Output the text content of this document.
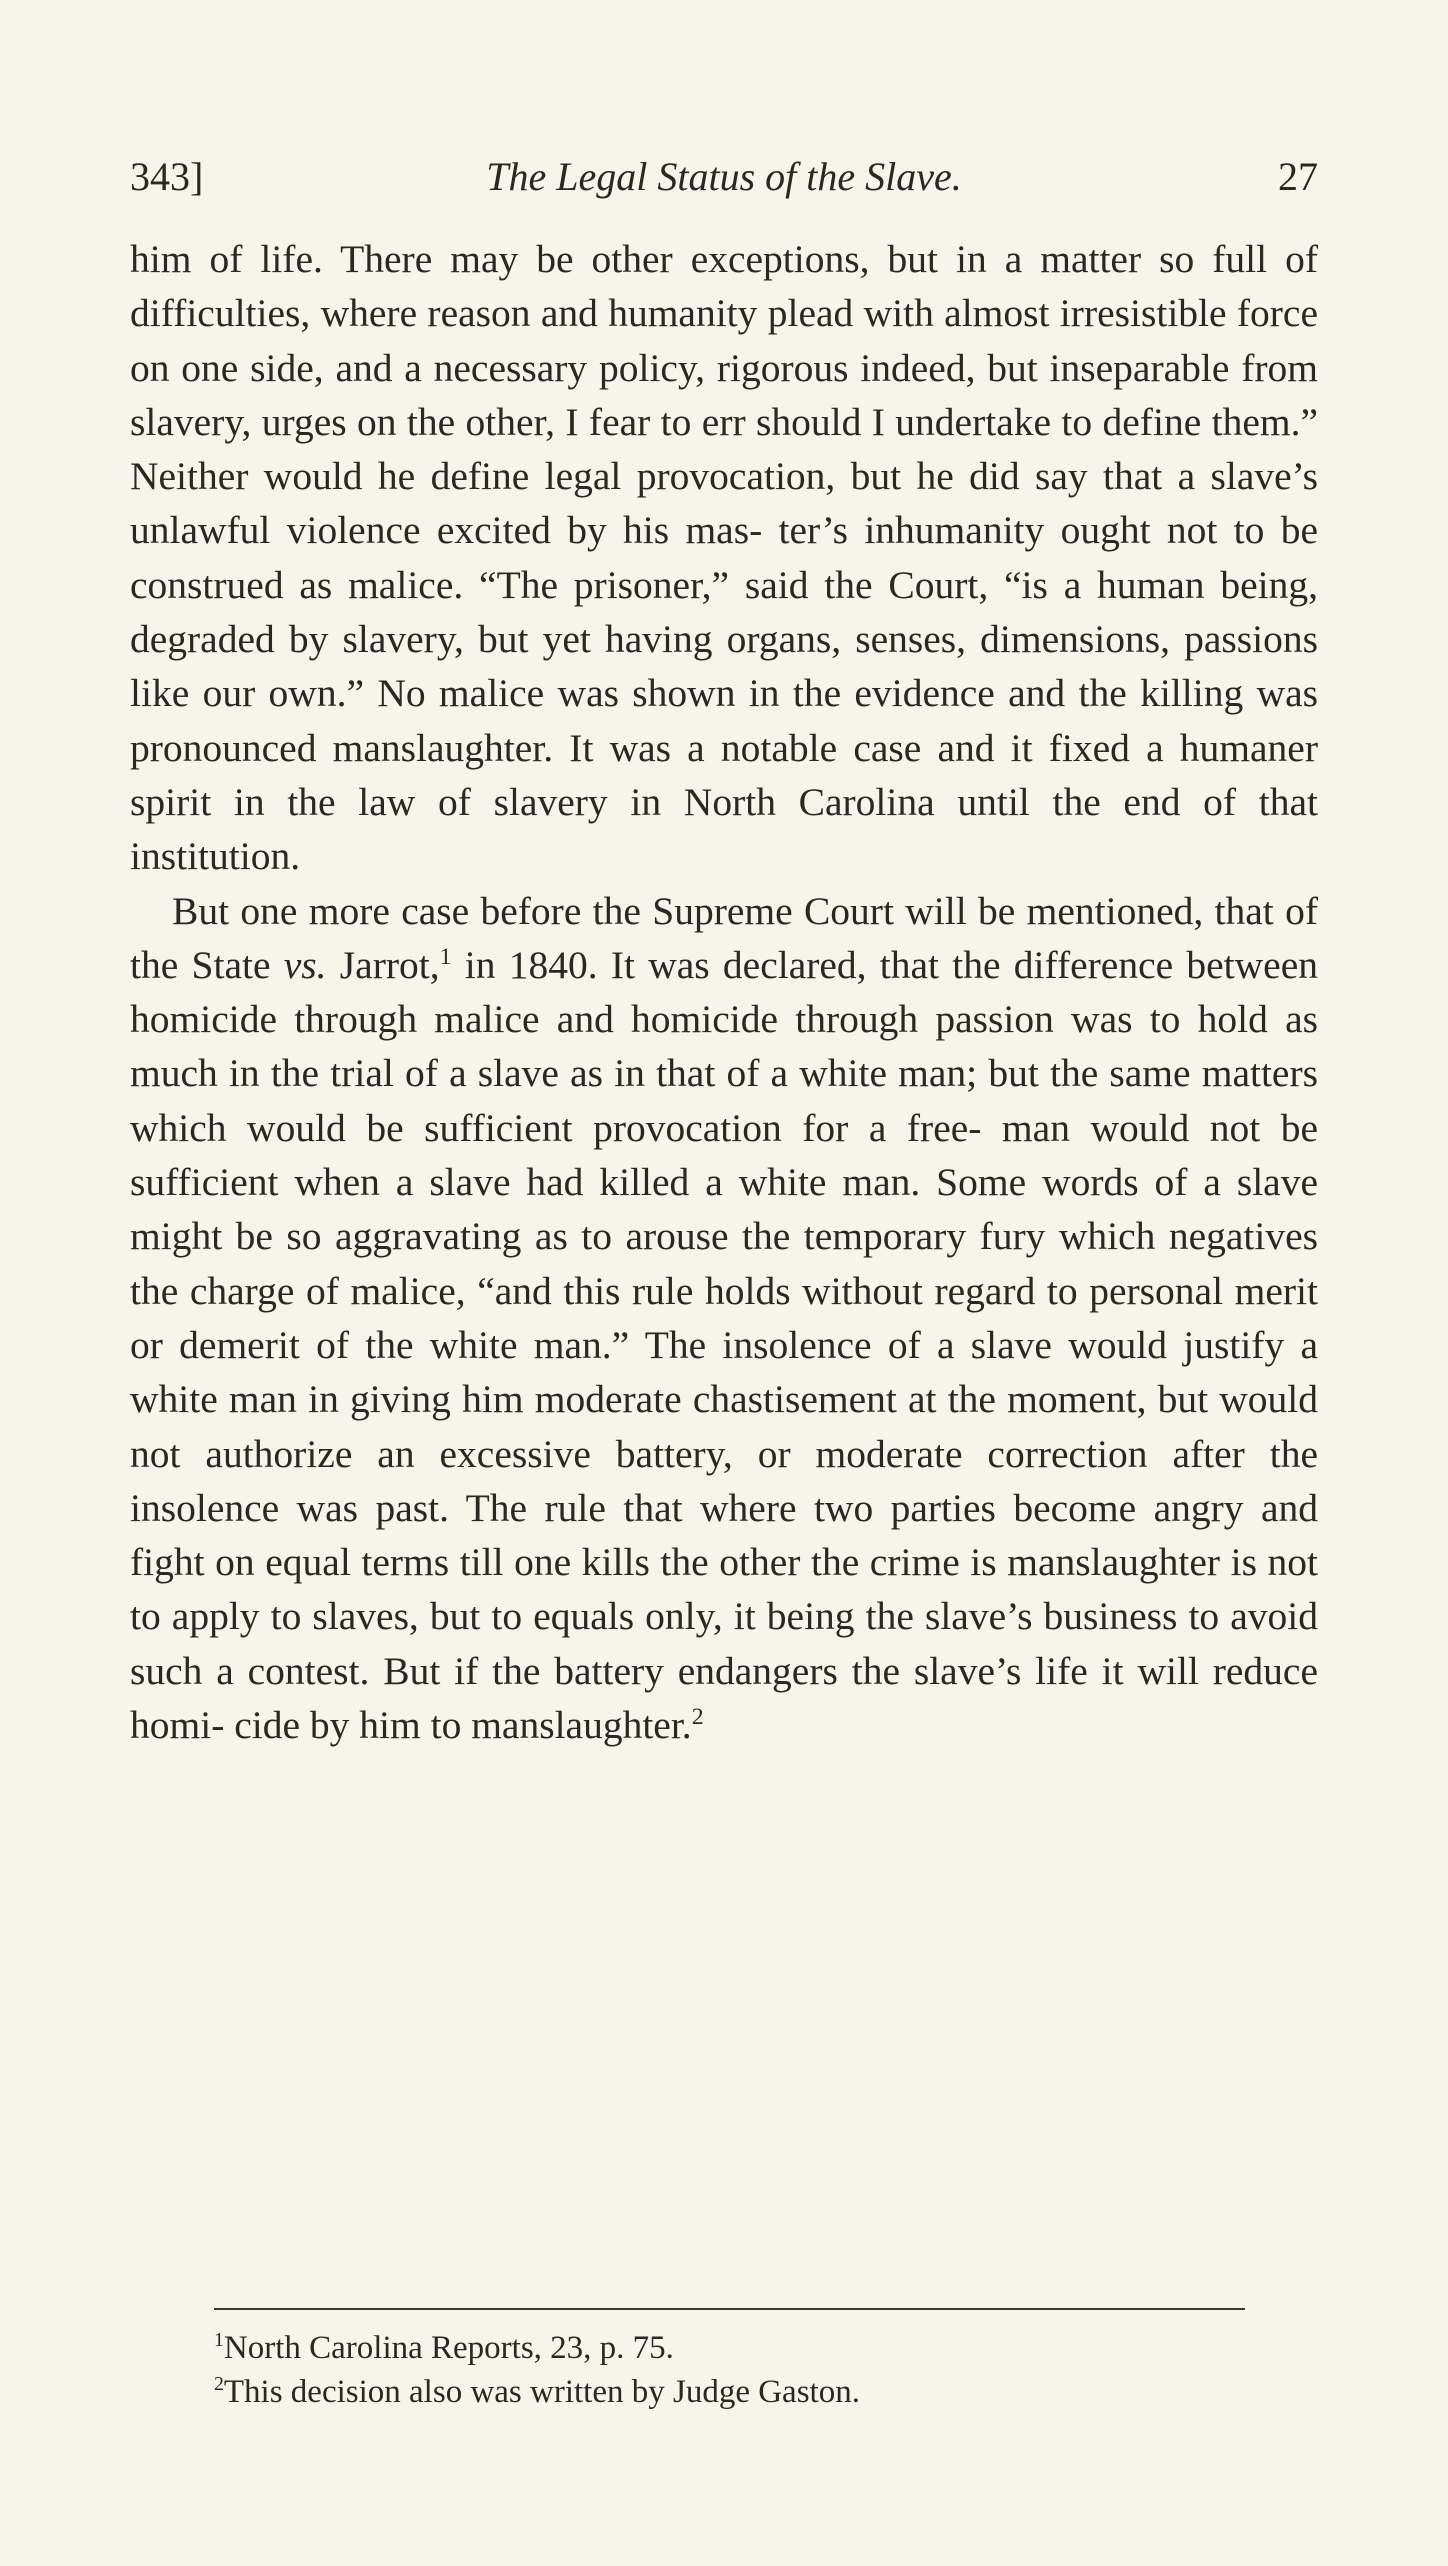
343]	The Legal Status of the Slave.	27

him of life. There may be other exceptions, but in a matter so full of difficulties, where reason and humanity plead with almost irresistible force on one side, and a necessary policy, rigorous indeed, but inseparable from slavery, urges on the other, I fear to err should I undertake to define them.” Neither would he define legal provocation, but he did say that a slave’s unlawful violence excited by his mas- ter’s inhumanity ought not to be construed as malice. “The prisoner,” said the Court, “is a human being, degraded by slavery, but yet having organs, senses, dimensions, passions like our own.” No malice was shown in the evidence and the killing was pronounced manslaughter. It was a notable case and it fixed a humaner spirit in the law of slavery in North Carolina until the end of that institution.

But one more case before the Supreme Court will be mentioned, that of the State vs. Jarrot,$^1$ in 1840. It was declared, that the difference between homicide through malice and homicide through passion was to hold as much in the trial of a slave as in that of a white man; but the same matters which would be sufficient provocation for a free- man would not be sufficient when a slave had killed a white man. Some words of a slave might be so aggravating as to arouse the temporary fury which negatives the charge of malice, “and this rule holds without regard to personal merit or demerit of the white man.” The insolence of a slave would justify a white man in giving him moderate chastisement at the moment, but would not authorize an excessive battery, or moderate correction after the insolence was past. The rule that where two parties become angry and fight on equal terms till one kills the other the crime is manslaughter is not to apply to slaves, but to equals only, it being the slave’s business to avoid such a contest. But if the battery endangers the slave’s life it will reduce homi- cide by him to manslaughter.$^2$

$^1$North Carolina Reports, 23, p. 75.

$^2$This decision also was written by Judge Gaston.
